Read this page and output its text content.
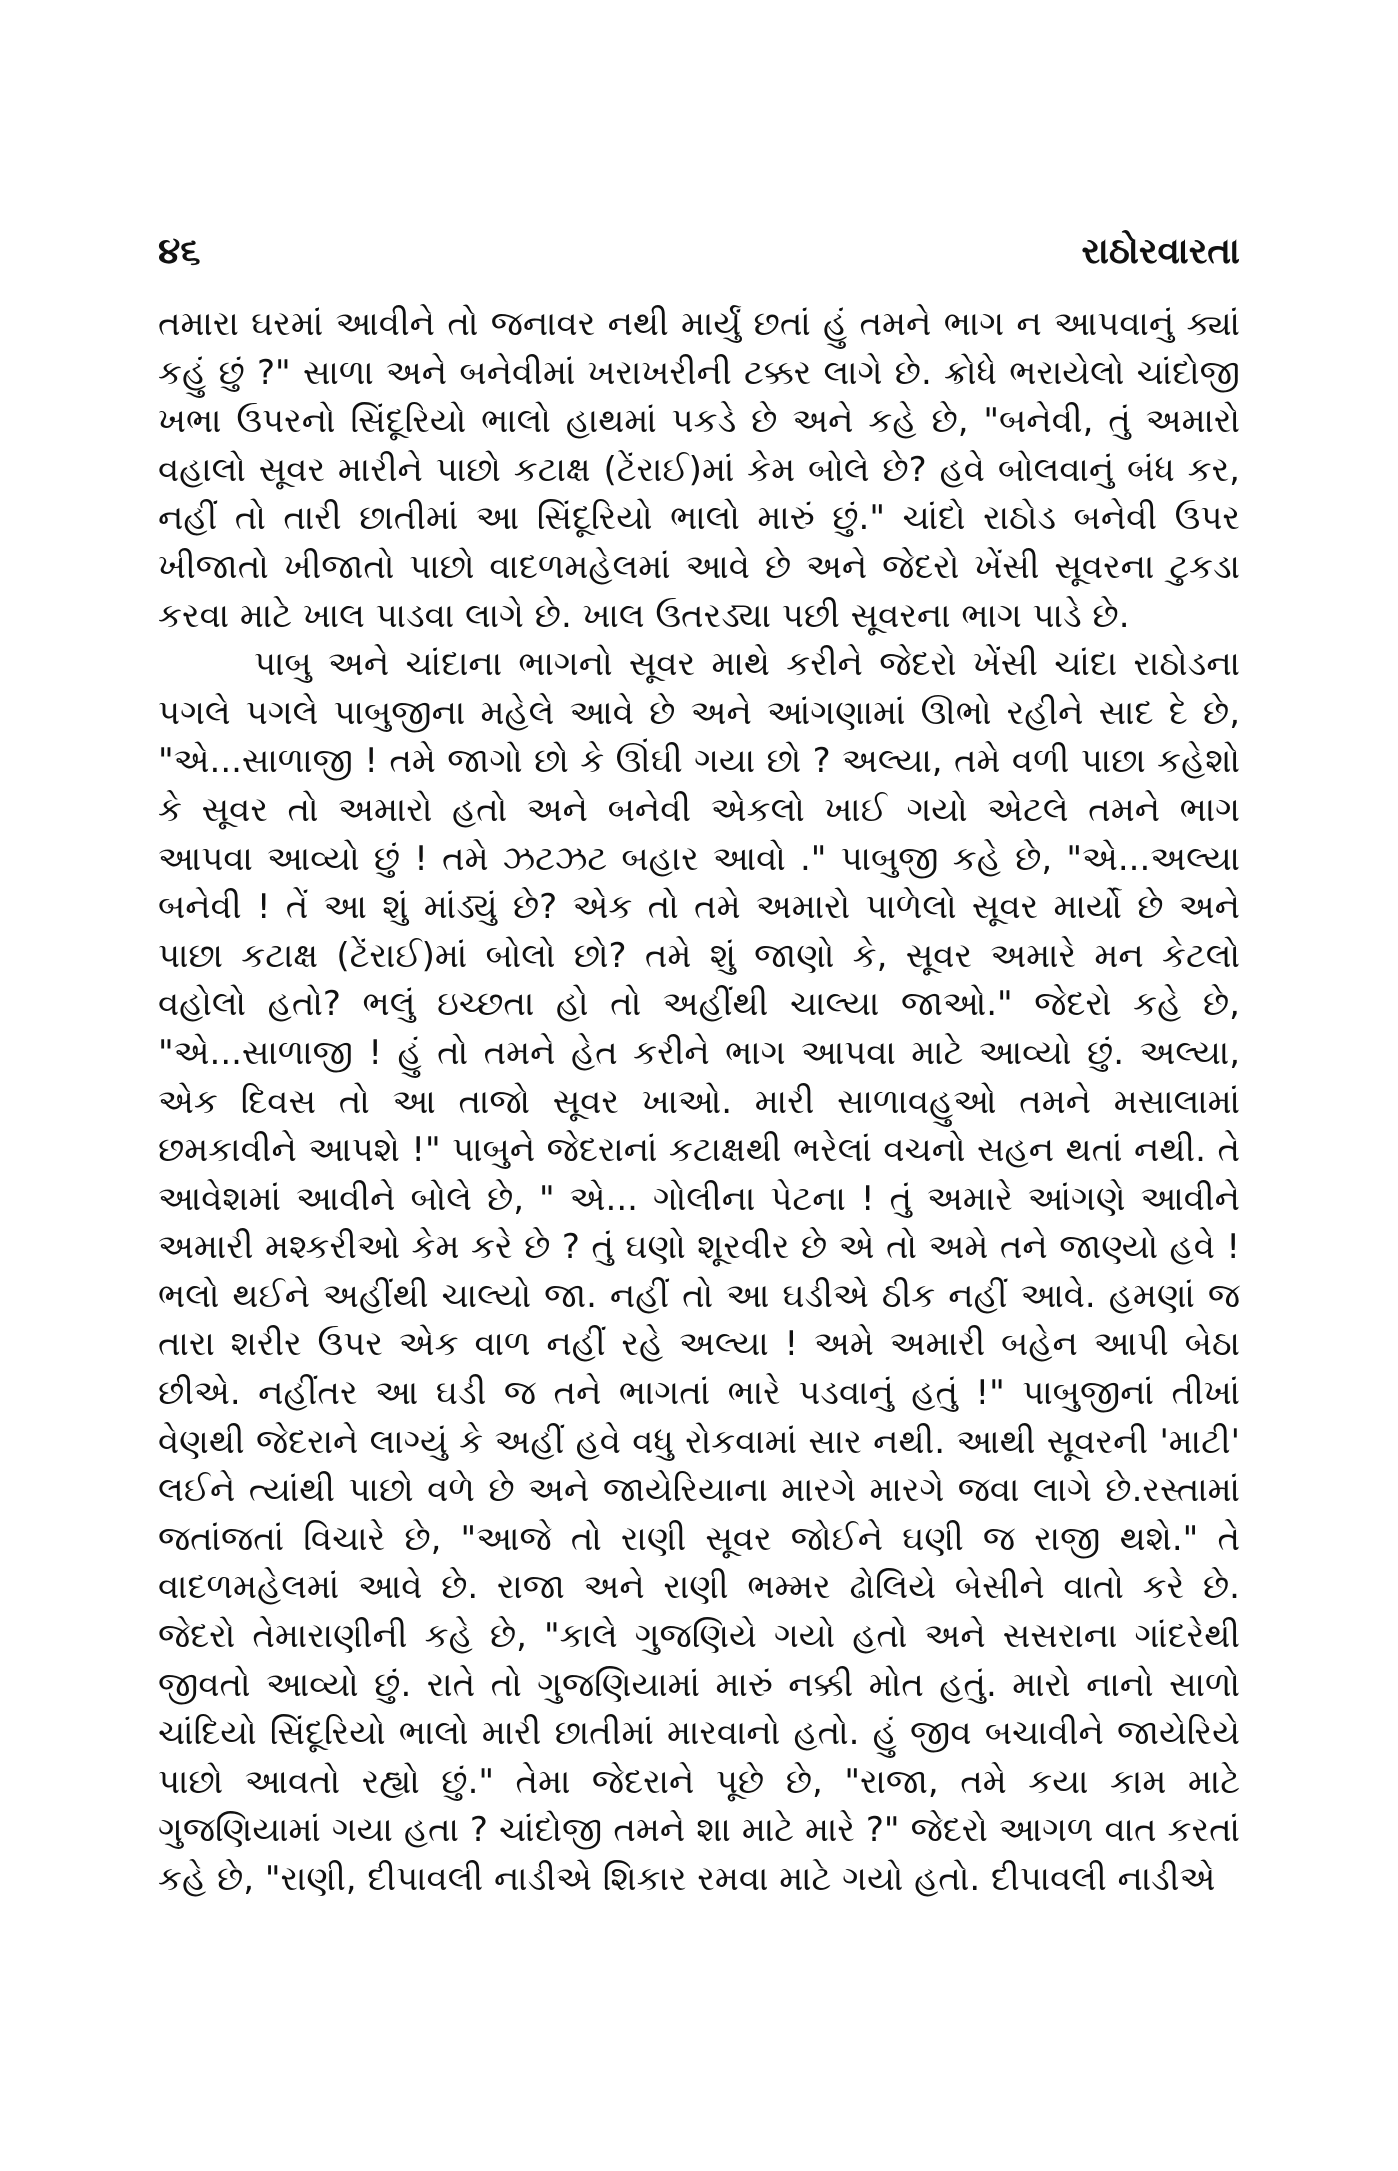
૪૬	રાઠોરવારતા

તમારા ઘરમાં આવીને તો જનાવર નથી માર્યું છતાં હું તમને ભાગ ન આપવાનું ક્યાં કહું છું ?" સાળા અને બનેવીમાં ખરાખરીની ટક્કર લાગે છે. ક્રોધે ભરાયેલો ચાંદોજી ખભા ઉપરનો સિંદૂરિયો ભાલો હાથમાં પકડે છે અને કહે છે, "બનેવી, તું અમારો વહાલો સૂવર મારીને પાછો કટાક્ષ (ટેંરાઈ)માં કેમ બોલે છે? હવે બોલવાનું બંધ કર, નહીં તો તારી છાતીમાં આ સિંદૂરિયો ભાલો મારું છું." ચાંદો રાઠોડ બનેવી ઉપર ખીજાતો ખીજાતો પાછો વાદળમહેલમાં આવે છે અને જેદરો ખેંસી સૂવરના ટુકડા કરવા માટે ખાલ પાડવા લાગે છે. ખાલ ઉતરડ્યા પછી સૂવરના ભાગ પાડે છે.

પાબુ અને ચાંદાના ભાગનો સૂવર માથે કરીને જેદરો ખેંસી ચાંદા રાઠોડના પગલે પગલે પાબુજીના મહેલે આવે છે અને આંગણામાં ઊભો રહીને સાદ દે છે, "એ...સાળાજી ! તમે જાગો છો કે ઊંઘી ગયા છો ? અલ્યા, તમે વળી પાછા કહેશો કે સૂવર તો અમારો હતો અને બનેવી એકલો ખાઈ ગયો એટલે તમને ભાગ આપવા આવ્યો છું ! તમે ઝટઝટ બહાર આવો ." પાબુજી કહે છે, "એ...અલ્યા બનેવી ! તેં આ શું માંડ્યું છે? એક તો તમે અમારો પાળેલો સૂવર માર્યો છે અને પાછા કટાક્ષ (ટેંરાઈ)માં બોલો છો? તમે શું જાણો કે, સૂવર અમારે મન કેટલો વહોલો હતો? ભલું ઇચ્છતા હો તો અહીંથી ચાલ્યા જાઓ." જેદરો કહે છે, "એ...સાળાજી ! હું તો તમને હેત કરીને ભાગ આપવા માટે આવ્યો છું. અલ્યા, એક દિવસ તો આ તાજો સૂવર ખાઓ. મારી સાળાવહુઓ તમને મસાલામાં છમકાવીને આપશે !" પાબુને જેદરાનાં કટાક્ષથી ભરેલાં વચનો સહન થતાં નથી. તે આવેશમાં આવીને બોલે છે, " એ... ગોલીના પેટના ! તું અમારે આંગણે આવીને અમારી મશ્કરીઓ કેમ કરે છે ? તું ઘણો શૂરવીર છે એ તો અમે તને જાણ્યો હવે ! ભલો થઈને અહીંથી ચાલ્યો જા. નહીં તો આ ઘડીએ ઠીક નહીં આવે. હમણાં જ તારા શરીર ઉપર એક વાળ નહીં રહે અલ્યા ! અમે અમારી બહેન આપી બેઠા છીએ. નહીંતર આ ઘડી જ તને ભાગતાં ભારે પડવાનું હતું !" પાબુજીનાં તીખાં વેણથી જેદરાને લાગ્યું કે અહીં હવે વધુ રોકવામાં સાર નથી. આથી સૂવરની 'માટી' લઈને ત્યાંથી પાછો વળે છે અને જાયેરિયાના મારગે મારગે જવા લાગે છે.રસ્તામાં જતાંજતાં વિચારે છે, "આજે તો રાણી સૂવર જોઈને ઘણી જ રાજી થશે." તે વાદળમહેલમાં આવે છે. રાજા અને રાણી ભમ્મર ઢોલિયે બેસીને વાતો કરે છે. જેદરો તેમારાણીની કહે છે, "કાલે ગુજણિયે ગયો હતો અને સસરાના ગાંદરેથી જીવતો આવ્યો છું. રાતે તો ગુજણિયામાં મારું નક્કી મોત હતું. મારો નાનો સાળો ચાંદિયો સિંદૂરિયો ભાલો મારી છાતીમાં મારવાનો હતો. હું જીવ બચાવીને જાયેરિયે પાછો આવતો રહ્યો છું." તેમા જેદરાને પૂછે છે, "રાજા, તમે કયા કામ માટે ગુજણિયામાં ગયા હતા ? ચાંદોજી તમને શા માટે મારે ?" જેદરો આગળ વાત કરતાં કહે છે, "રાણી, દીપાવલી નાડીએ શિકાર રમવા માટે ગયો હતો. દીપાવલી નાડીએ
